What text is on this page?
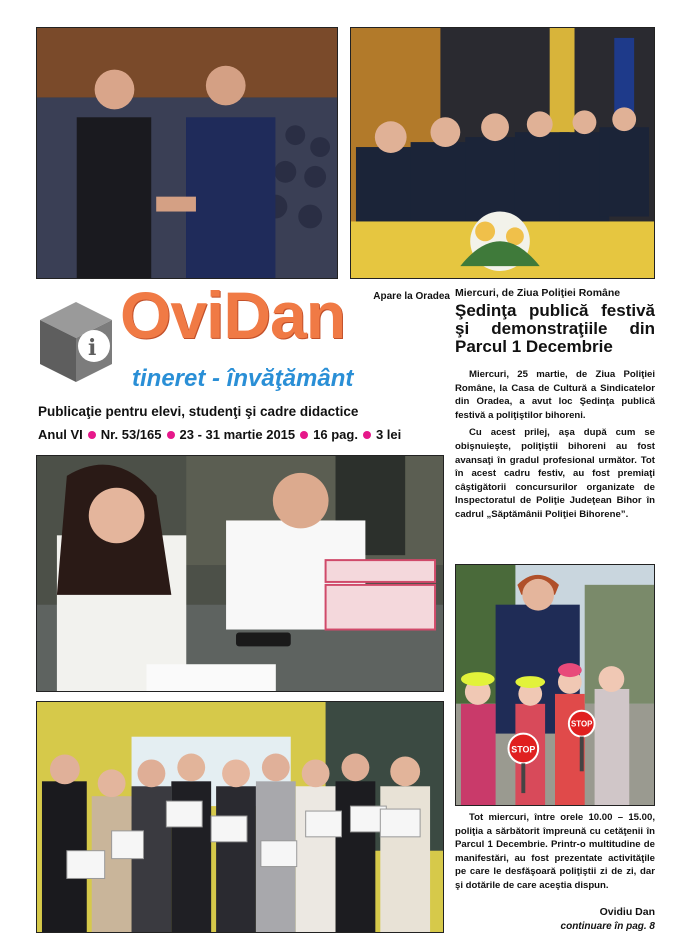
Apare la Oradea
i OviDan
tineret - învăţământ
Publicaţie pentru elevi, studenţi şi cadre didactice
Anul VI Nr. 53/165 23 - 31 martie 2015 16 pag. 3 lei
Miercuri, de Ziua Poliţiei Române
Şedinţa publică festivă şi demonstraţiile din Parcul 1 Decembrie

Miercuri, 25 martie, de Ziua Poliţiei Române, la Casa de Cultură a Sindicatelor din Oradea, a avut loc Şedinţa publică festivă a poliţiştilor bihoreni.

Cu acest prilej, aşa după cum se obişnuieşte, poliţiştii bihoreni au fost avansaţi în gradul profesional următor. Tot în acest cadru festiv, au fost premiaţi câştigătorii concursurilor organizate de Inspectoratul de Poliţie Judeţean Bihor în cadrul „Săptămânii Poliţiei Bihorene”.

STOP
STOP
Tot miercuri, între orele 10.00 – 15.00, poliţia a sărbătorit împreună cu cetăţenii în Parcul 1 Decembrie. Printr-o multitudine de manifestări, au fost prezentate activităţile pe care le desfăşoară poliţiştii zi de zi, dar şi dotările de care aceştia dispun.
Ovidiu Dan
continuare în pag. 8
